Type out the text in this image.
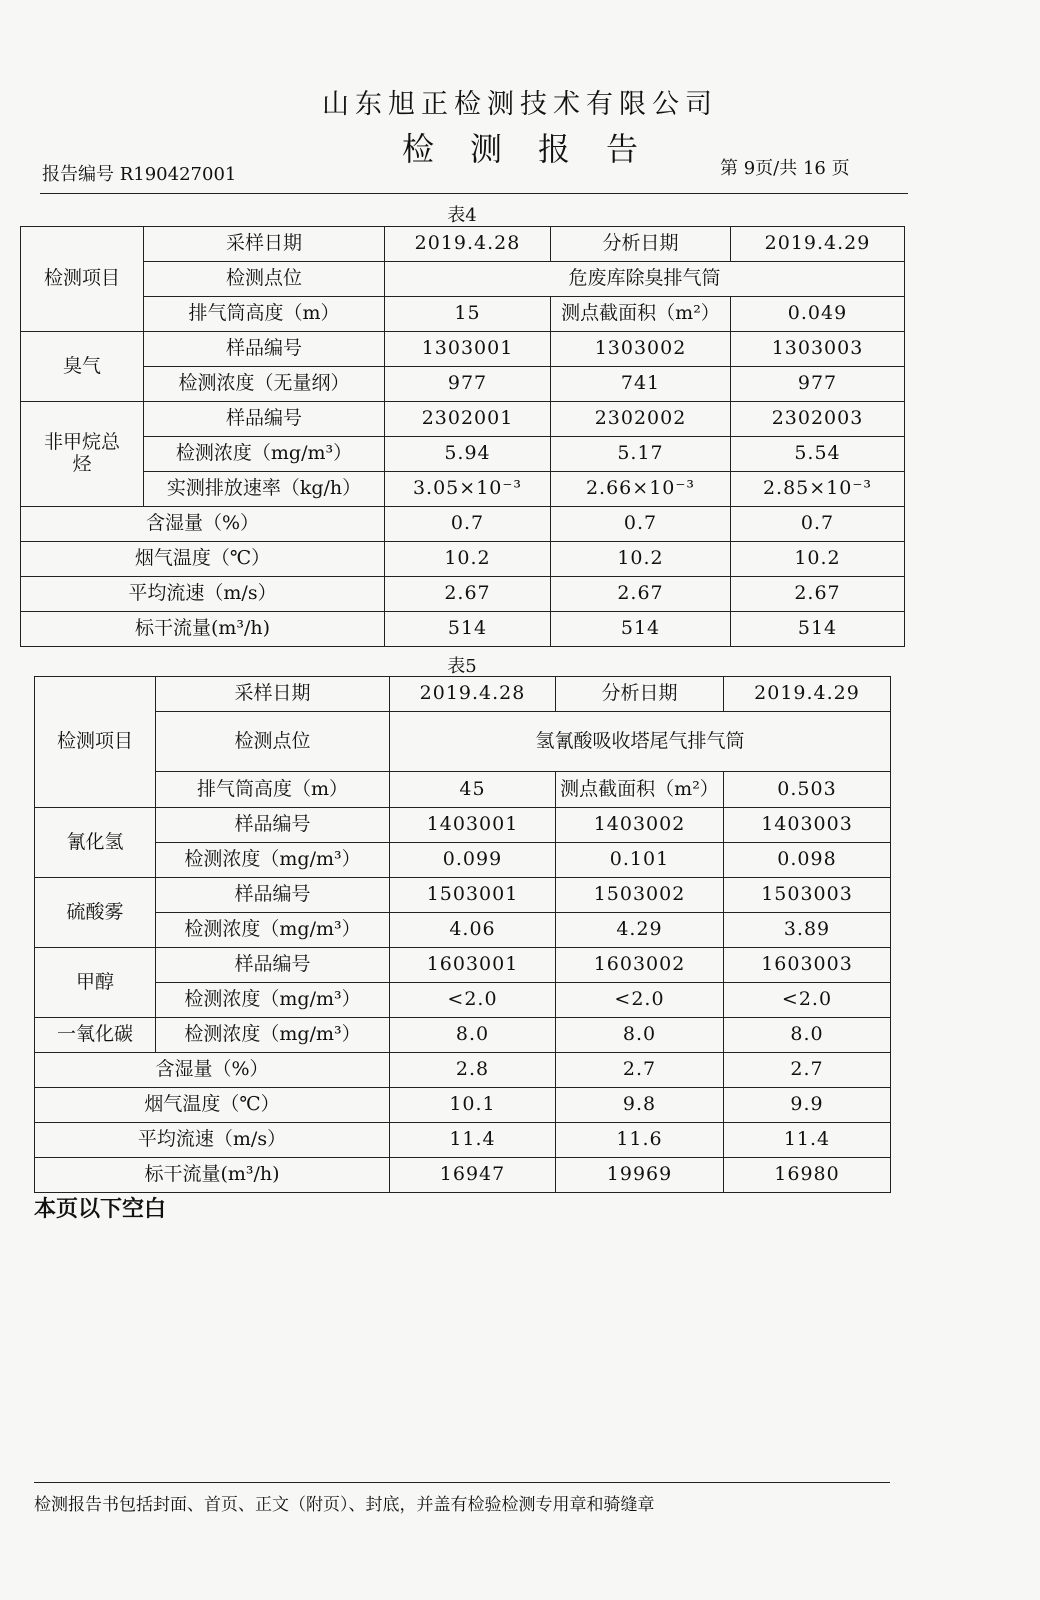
山东旭正检测技术有限公司
检测报告
报告编号 R190427001	第 9页/共 16 页
表4
检测项目	采样日期	2019.4.28	分析日期	2019.4.29
	检测点位	危废库除臭排气筒		
	排气筒高度（m）	15	测点截面积（m²）	0.049
臭气	样品编号	1303001	1303002	1303003
	检测浓度（无量纲）	977	741	977
非甲烷总烃	样品编号	2302001	2302002	2302003
	检测浓度（mg/m³）	5.94	5.17	5.54
	实测排放速率（kg/h）	3.05×10⁻³	2.66×10⁻³	2.85×10⁻³
含湿量（%）		0.7	0.7	0.7
烟气温度（℃）		10.2	10.2	10.2
平均流速（m/s）		2.67	2.67	2.67
标干流量(m³/h)		514	514	514
表5
检测项目	采样日期	2019.4.28	分析日期	2019.4.29
	检测点位	氢氰酸吸收塔尾气排气筒		
	排气筒高度（m）	45	测点截面积（m²）	0.503
氰化氢	样品编号	1403001	1403002	1403003
	检测浓度（mg/m³）	0.099	0.101	0.098
硫酸雾	样品编号	1503001	1503002	1503003
	检测浓度（mg/m³）	4.06	4.29	3.89
甲醇	样品编号	1603001	1603002	1603003
	检测浓度（mg/m³）	<2.0	<2.0	<2.0
一氧化碳	检测浓度（mg/m³）	8.0	8.0	8.0
含湿量（%）		2.8	2.7	2.7
烟气温度（℃）		10.1	9.8	9.9
平均流速（m/s）		11.4	11.6	11.4
标干流量(m³/h)		16947	19969	16980
本页以下空白
检测报告书包括封面、首页、正文（附页）、封底，并盖有检验检测专用章和骑缝章
